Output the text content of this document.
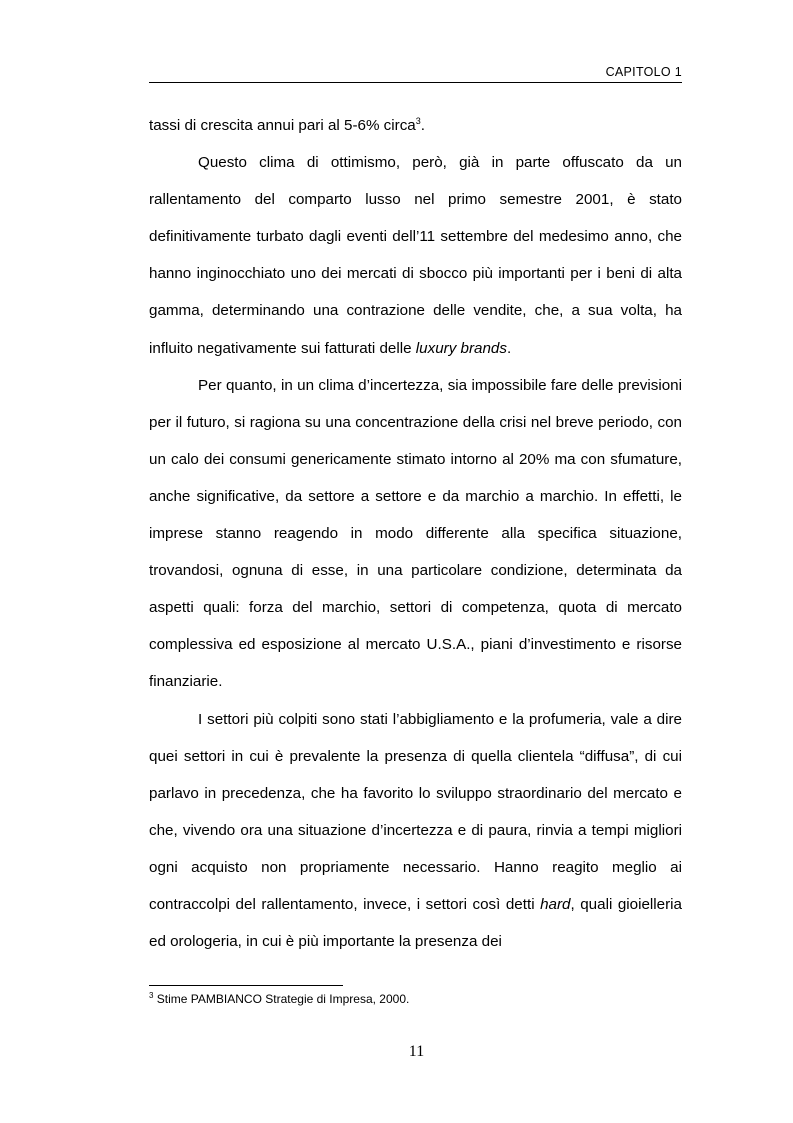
CAPITOLO 1

tassi di crescita annui pari al 5-6% circa$^3$.

Questo clima di ottimismo, però, già in parte offuscato da un rallentamento del comparto lusso nel primo semestre 2001, è stato definitivamente turbato dagli eventi dell’11 settembre del medesimo anno, che hanno inginocchiato uno dei mercati di sbocco più importanti per i beni di alta gamma, determinando una contrazione delle vendite, che, a sua volta, ha influito negativamente sui fatturati delle luxury brands.

Per quanto, in un clima d’incertezza, sia impossibile fare delle previsioni per il futuro, si ragiona su una concentrazione della crisi nel breve periodo, con un calo dei consumi genericamente stimato intorno al 20% ma con sfumature, anche significative, da settore a settore e da marchio a marchio. In effetti, le imprese stanno reagendo in modo differente alla specifica situazione, trovandosi, ognuna di esse, in una particolare condizione, determinata da aspetti quali: forza del marchio, settori di competenza, quota di mercato complessiva ed esposizione al mercato U.S.A., piani d’investimento e risorse finanziarie.

I settori più colpiti sono stati l’abbigliamento e la profumeria, vale a dire quei settori in cui è prevalente la presenza di quella clientela “diffusa”, di cui parlavo in precedenza, che ha favorito lo sviluppo straordinario del mercato e che, vivendo ora una situazione d’incertezza e di paura, rinvia a tempi migliori ogni acquisto non propriamente necessario. Hanno reagito meglio ai contraccolpi del rallentamento, invece, i settori così detti hard, quali gioielleria ed orologeria, in cui è più importante la presenza dei

$^3$ Stime PAMBIANCO Strategie di Impresa, 2000.
11
